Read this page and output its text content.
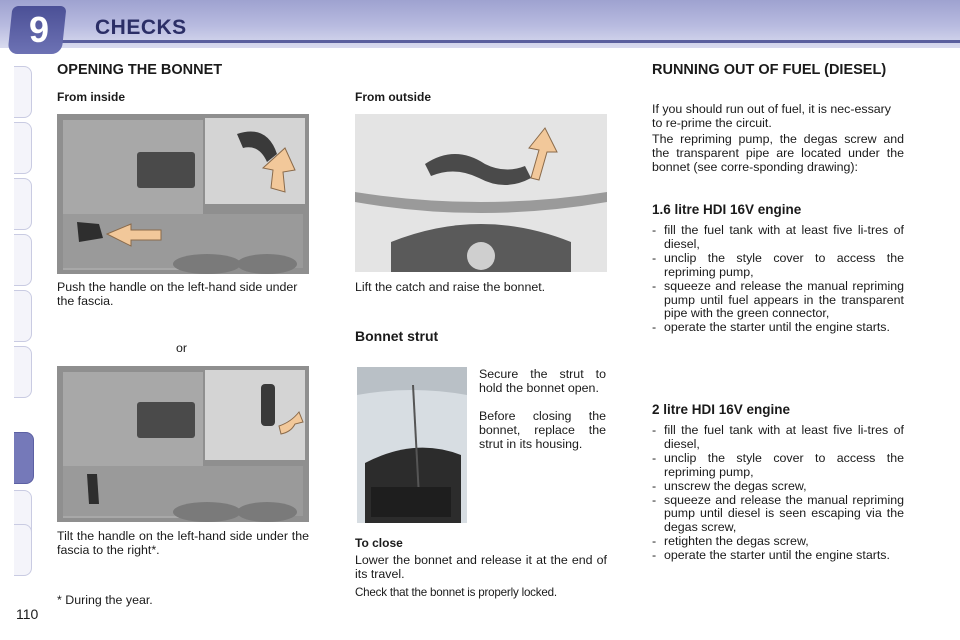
9	CHECKS
OPENING THE BONNET
From inside
Push the handle on the left-hand side under the fascia.
or
Tilt the handle on the left-hand side under the fascia to the right*.
* During the year.
From outside
Lift the catch and raise the bonnet.
Bonnet strut
Secure the strut to hold the bonnet open.
Before closing the bonnet, replace the strut in its housing.
To close
Lower the bonnet and release it at the end of its travel.
Check that the bonnet is properly locked.
RUNNING OUT OF FUEL (DIESEL)
If you should run out of fuel, it is nec-essary to re-prime the circuit.
The repriming pump, the degas screw and the transparent pipe are located under the bonnet (see corre-sponding drawing):
1.6 litre HDI 16V engine
- fill the fuel tank with at least five li-tres of diesel,
- unclip the style cover to access the repriming pump,
- squeeze and release the manual repriming pump until fuel appears in the transparent pipe with the green connector,
- operate the starter until the engine starts.
2 litre HDI 16V engine
- fill the fuel tank with at least five li-tres of diesel,
- unclip the style cover to access the repriming pump,
- unscrew the degas screw,
- squeeze and release the manual repriming pump until diesel is seen escaping via the degas screw,
- retighten the degas screw,
- operate the starter until the engine starts.
110
